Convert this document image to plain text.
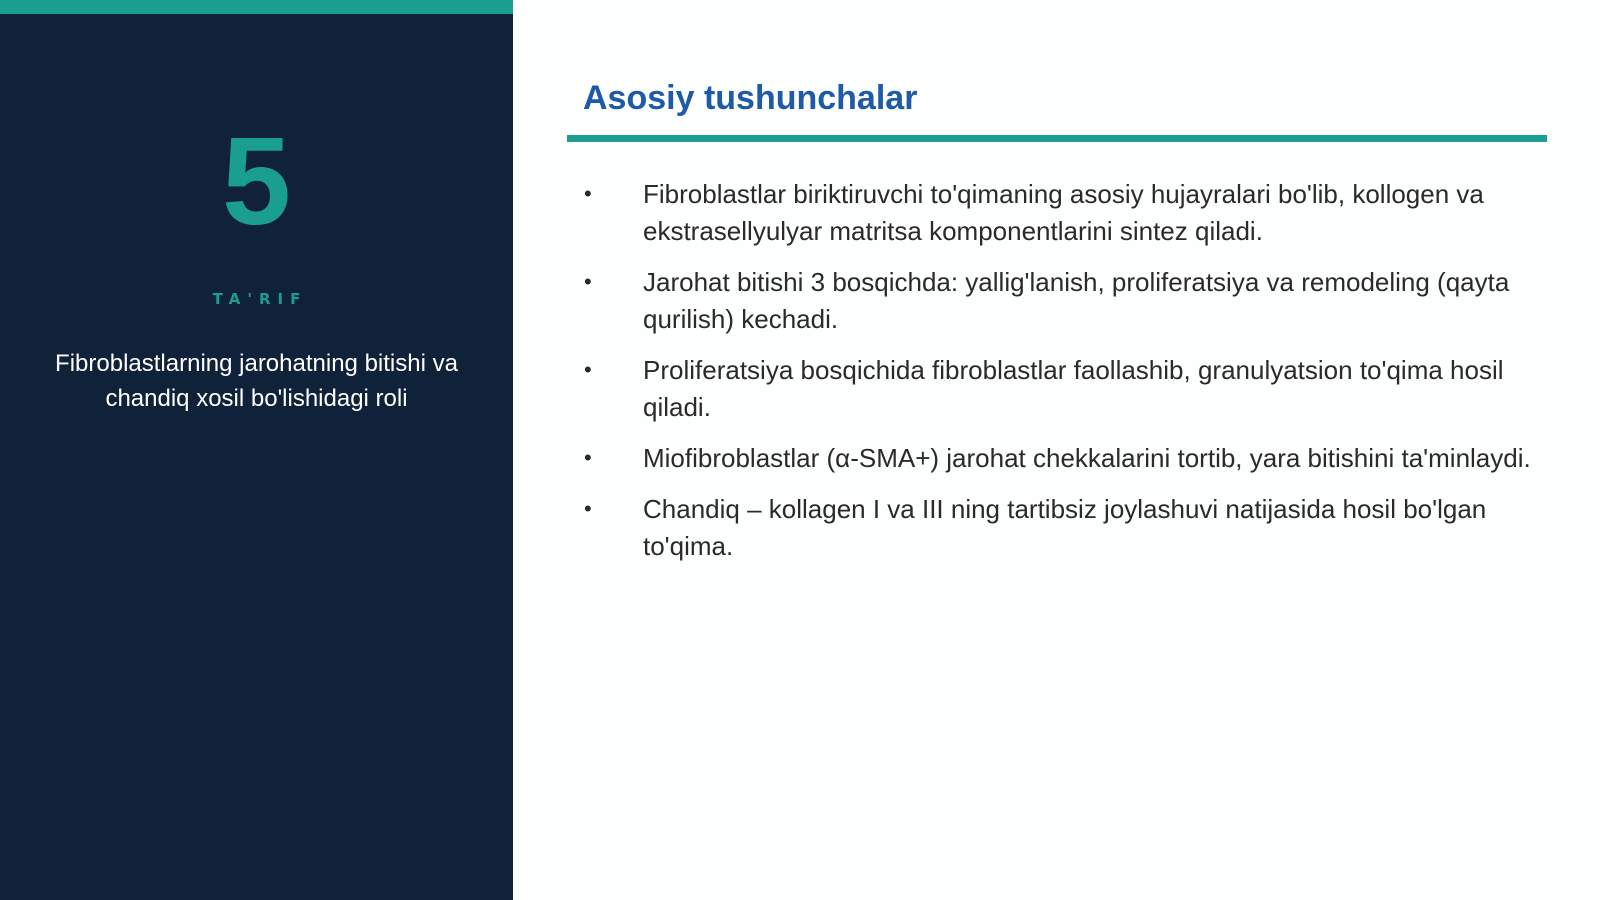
5
TA'RIF
Fibroblastlarning jarohatning bitishi va chandiq xosil bo'lishidagi roli
Asosiy tushunchalar
• Fibroblastlar biriktiruvchi to'qimaning asosiy hujayralari bo'lib, kollogen va ekstrasellyulyar matritsa komponentlarini sintez qiladi.
• Jarohat bitishi 3 bosqichda: yallig'lanish, proliferatsiya va remodeling (qayta qurilish) kechadi.
• Proliferatsiya bosqichida fibroblastlar faollashib, granulyatsion to'qima hosil qiladi.
• Miofibroblastlar (α-SMA+) jarohat chekkalarini tortib, yara bitishini ta'minlaydi.
• Chandiq – kollagen I va III ning tartibsiz joylashuvi natijasida hosil bo'lgan to'qima.
